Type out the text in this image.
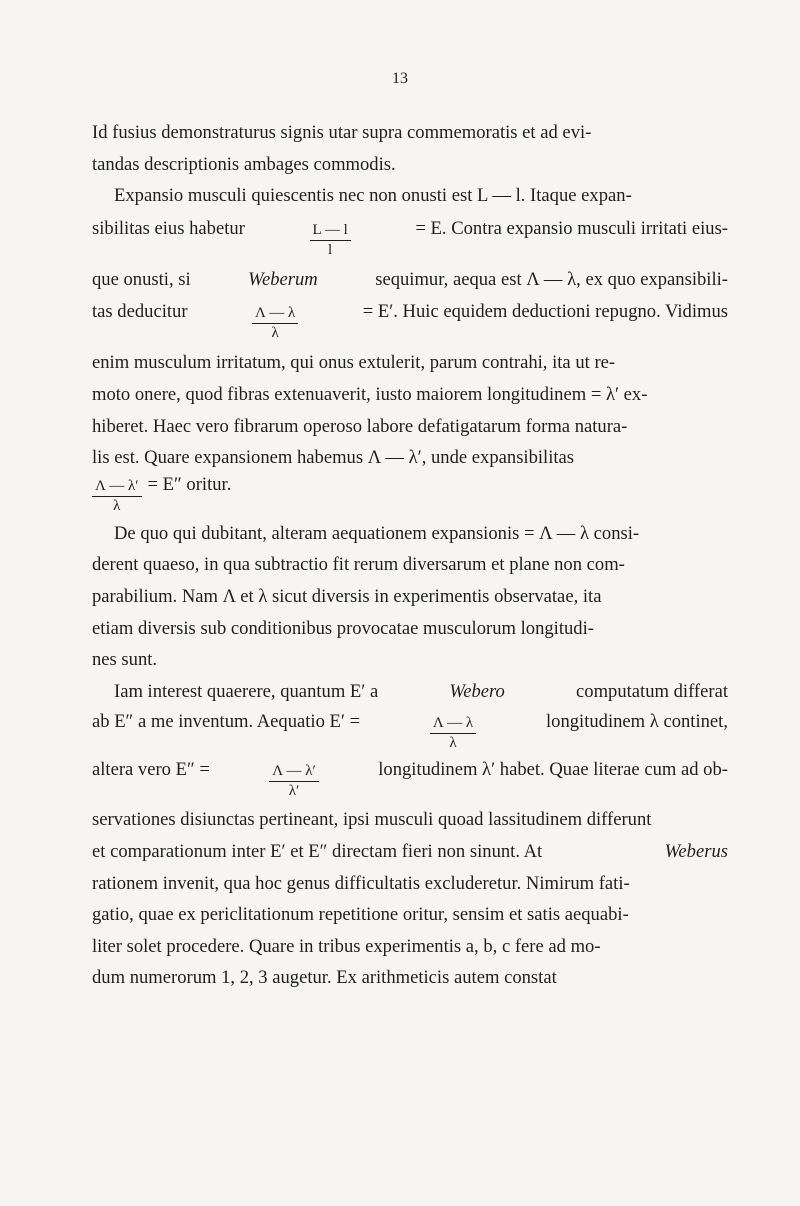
13

Id fusius demonstraturus signis utar supra commemoratis et ad evi-

tandas descriptionis ambages commodis.

Expansio musculi quiescentis nec non onusti est L — l. Itaque expan-

sibilitas eius habetur	$\frac{L — l}{l}$	= E. Contra expansio musculi irritati eius-

que onusti, si	Weberum	sequimur, aequa est Λ — λ, ex quo expansibili-

tas deducitur	$\frac{\Lambda — \lambda}{\lambda}$	= E′. Huic equidem deductioni repugno. Vidimus

enim musculum irritatum, qui onus extulerit, parum contrahi, ita ut re-

moto onere, quod fibras extenuaverit, iusto maiorem longitudinem = λ′ ex-

hiberet. Haec vero fibrarum operoso labore defatigatarum forma natura-

lis est. Quare expansionem habemus Λ — λ′, unde expansibilitas

$\frac{\Lambda — \lambda'}{\lambda} = E''$ oritur.

De quo qui dubitant, alteram aequationem expansionis = Λ — λ consi-

derent quaeso, in qua subtractio fit rerum diversarum et plane non com-

parabilium. Nam Λ et λ sicut diversis in experimentis observatae, ita

etiam diversis sub conditionibus provocatae musculorum longitudi-

nes sunt.

Iam interest quaerere, quantum E′ a	Webero	computatum differat

ab E″ a me inventum. Aequatio E′ =	$\frac{\Lambda — \lambda}{\lambda}$	longitudinem λ continet,

altera vero E″ =	$\frac{\Lambda — \lambda'}{\lambda'}$	longitudinem λ′ habet. Quae literae cum ad ob-

servationes disiunctas pertineant, ipsi musculi quoad lassitudinem differunt

et comparationum inter E′ et E″ directam fieri non sinunt. At	Weberus

rationem invenit, qua hoc genus difficultatis excluderetur. Nimirum fati-

gatio, quae ex periclitationum repetitione oritur, sensim et satis aequabi-

liter solet procedere. Quare in tribus experimentis a, b, c fere ad mo-

dum numerorum 1, 2, 3 augetur. Ex arithmeticis autem constat
